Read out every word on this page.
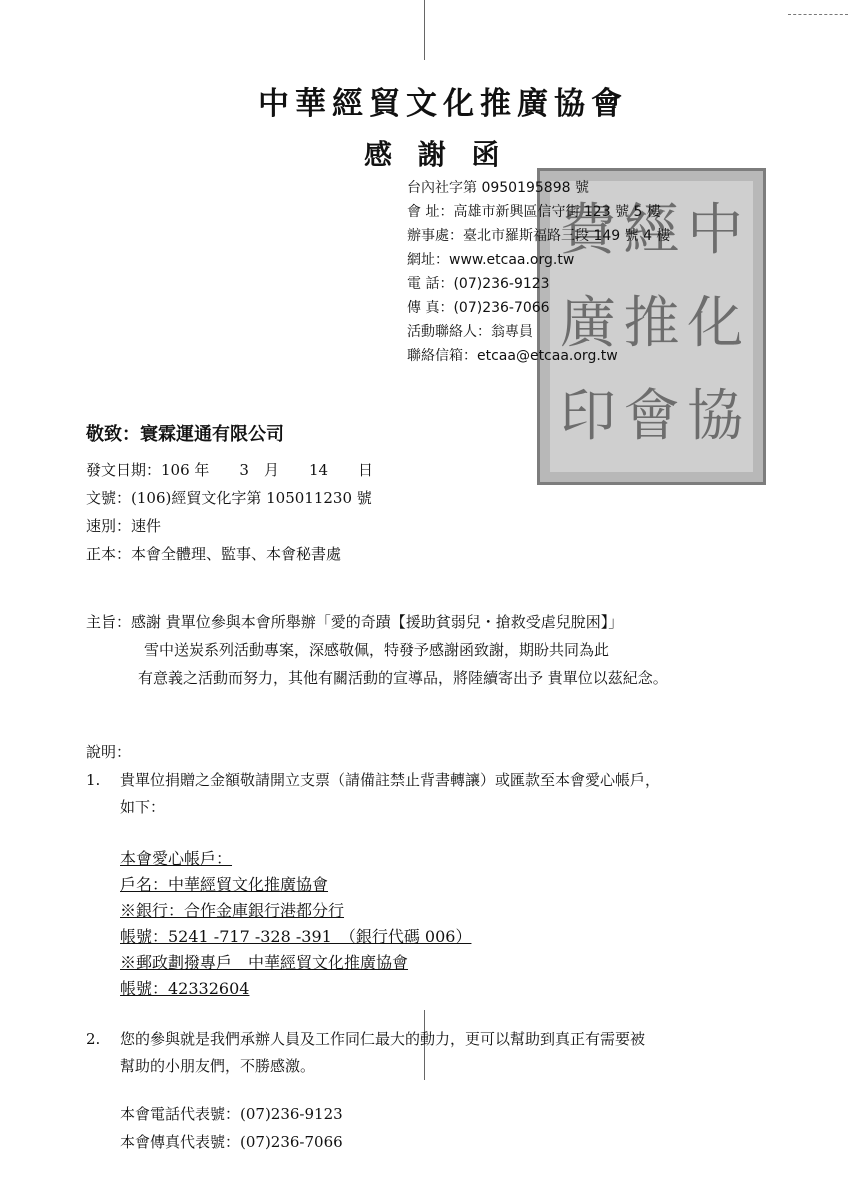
中華經貿文化推廣協會
感 謝 函
費 經 中
廣 推 化
印 會 協
台內社字第 0950195898 號
會 址：高雄市新興區信守街 123 號 5 樓
辦事處：臺北市羅斯福路三段 149 號 4 樓
網址：www.etcaa.org.tw
電 話：(07)236-9123
傳 真：(07)236-7066
活動聯絡人：翁專員
聯絡信箱：etcaa@etcaa.org.tw
敬致：寰霖運通有限公司
發文日期：106 年　　3　月　　14　　日
文號：(106)經貿文化字第 105011230 號
速別：速件
正本：本會全體理、監事、本會秘書處
主旨：感謝 貴單位參與本會所舉辦「愛的奇蹟【援助貧弱兒・搶救受虐兒脫困】」
雪中送炭系列活動專案，深感敬佩，特發予感謝函致謝，期盼共同為此
有意義之活動而努力，其他有關活動的宣導品，將陸續寄出予 貴單位以茲紀念。
說明：
1. 貴單位捐贈之金額敬請開立支票（請備註禁止背書轉讓）或匯款至本會愛心帳戶，
如下：
本會愛心帳戶：
戶名：中華經貿文化推廣協會
※銀行：合作金庫銀行港都分行
帳號：5241 -717 -328 -391　（銀行代碼 006）
※郵政劃撥專戶　中華經貿文化推廣協會
帳號：42332604
2. 您的參與就是我們承辦人員及工作同仁最大的動力，更可以幫助到真正有需要被
幫助的小朋友們，不勝感激。
本會電話代表號：(07)236-9123
本會傳真代表號：(07)236-7066
